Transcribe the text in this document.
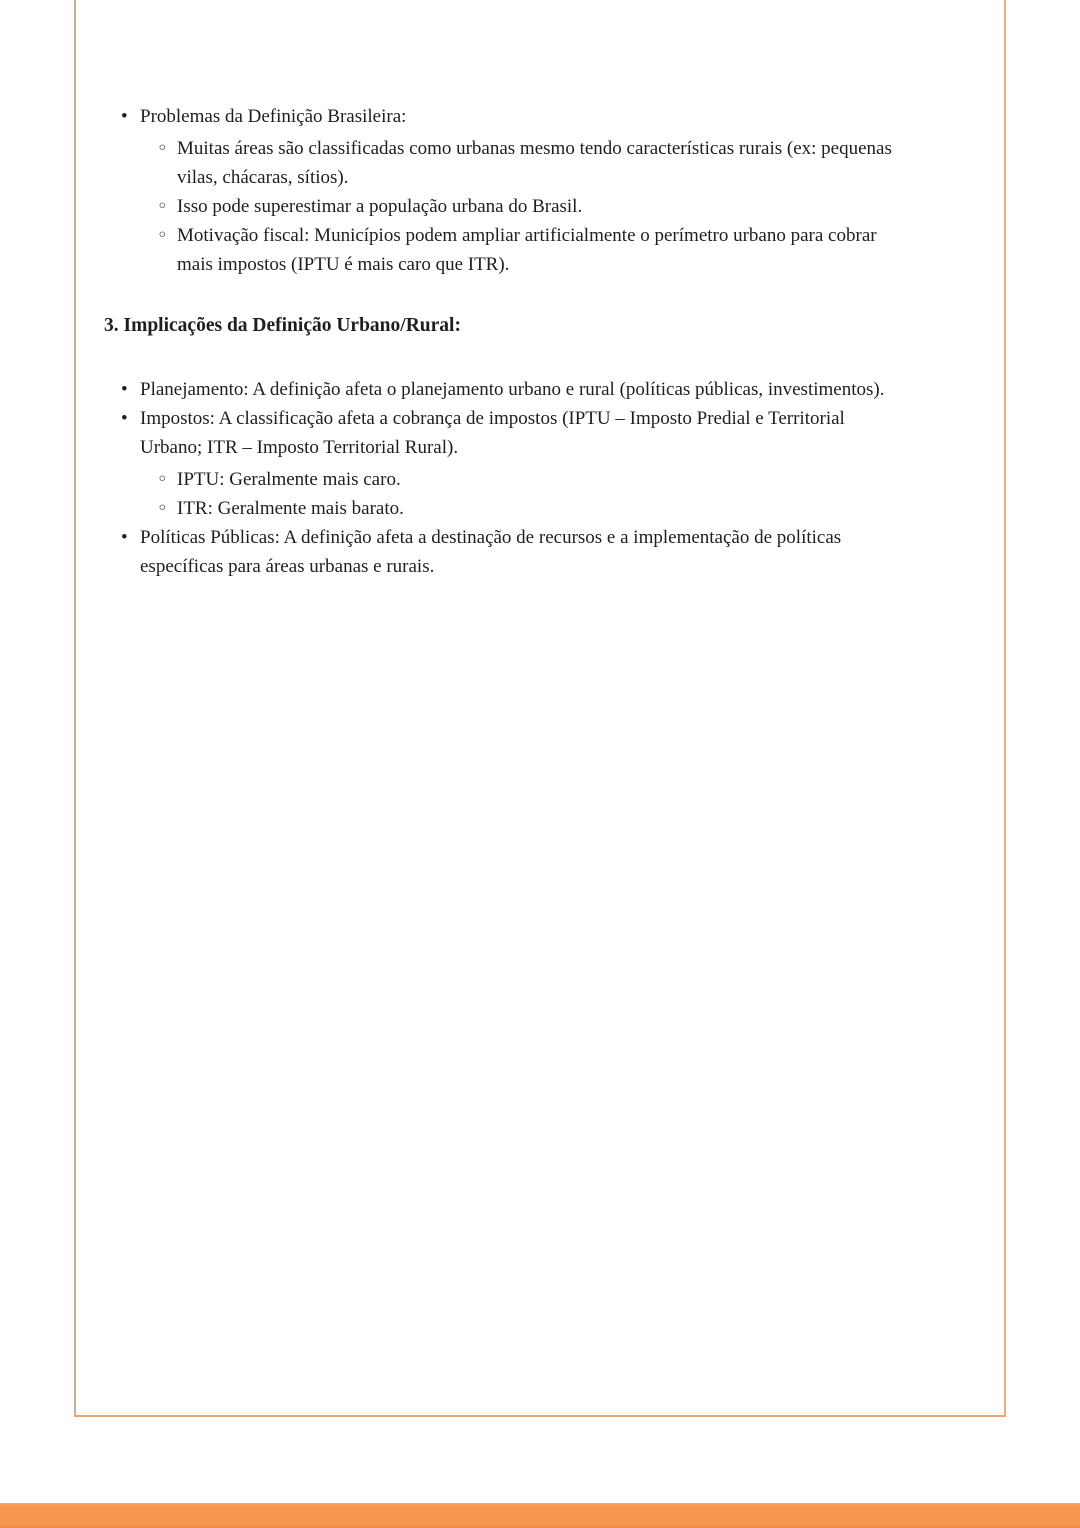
• Problemas da Definição Brasileira:
◦ Muitas áreas são classificadas como urbanas mesmo tendo características rurais (ex: pequenas vilas, chácaras, sítios).
◦ Isso pode superestimar a população urbana do Brasil.
◦ Motivação fiscal: Municípios podem ampliar artificialmente o perímetro urbano para cobrar mais impostos (IPTU é mais caro que ITR).
3. Implicações da Definição Urbano/Rural:
• Planejamento: A definição afeta o planejamento urbano e rural (políticas públicas, investimentos).
• Impostos: A classificação afeta a cobrança de impostos (IPTU – Imposto Predial e Territorial Urbano; ITR – Imposto Territorial Rural).
◦ IPTU: Geralmente mais caro.
◦ ITR: Geralmente mais barato.
• Políticas Públicas: A definição afeta a destinação de recursos e a implementação de políticas específicas para áreas urbanas e rurais.
